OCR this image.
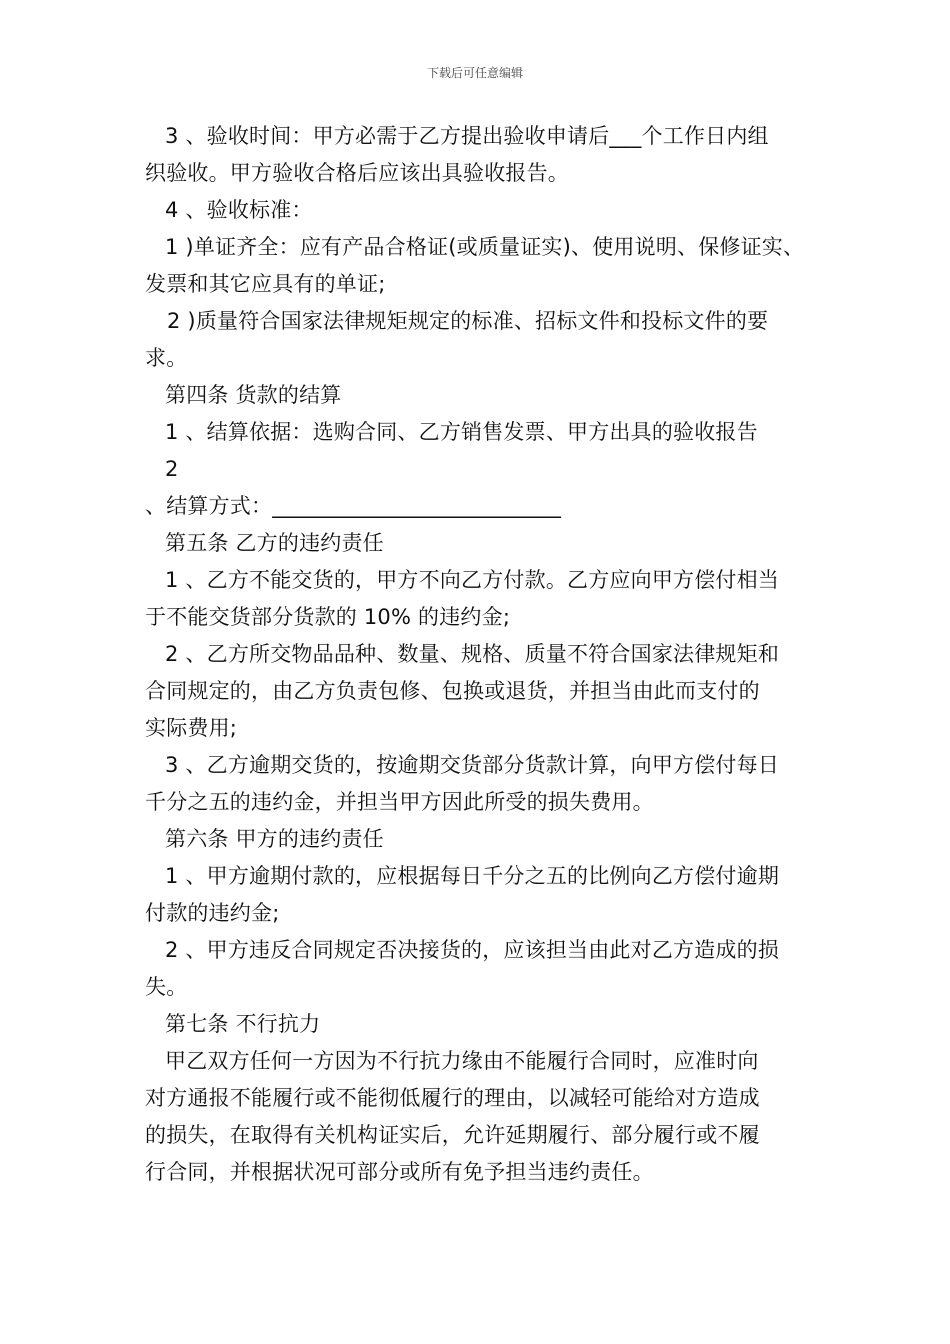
下载后可任意编辑
3 、验收时间：甲方必需于乙方提出验收申请后___个工作日内组
织验收。甲方验收合格后应该出具验收报告。
4 、验收标准：
1 )单证齐全：应有产品合格证(或质量证实)、使用说明、保修证实、
发票和其它应具有的单证;
2 )质量符合国家法律规矩规定的标准、招标文件和投标文件的要
求。
第四条 货款的结算
1 、结算依据：选购合同、乙方销售发票、甲方出具的验收报告
2
、结算方式：___________________________
第五条 乙方的违约责任
1 、乙方不能交货的，甲方不向乙方付款。乙方应向甲方偿付相当
于不能交货部分货款的 10% 的违约金;
2 、乙方所交物品品种、数量、规格、质量不符合国家法律规矩和
合同规定的，由乙方负责包修、包换或退货，并担当由此而支付的
实际费用;
3 、乙方逾期交货的，按逾期交货部分货款计算，向甲方偿付每日
千分之五的违约金，并担当甲方因此所受的损失费用。
第六条 甲方的违约责任
1 、甲方逾期付款的，应根据每日千分之五的比例向乙方偿付逾期
付款的违约金;
2 、甲方违反合同规定否决接货的，应该担当由此对乙方造成的损
失。
第七条 不行抗力
甲乙双方任何一方因为不行抗力缘由不能履行合同时，应准时向
对方通报不能履行或不能彻低履行的理由，以减轻可能给对方造成
的损失，在取得有关机构证实后，允许延期履行、部分履行或不履
行合同，并根据状况可部分或所有免予担当违约责任。
